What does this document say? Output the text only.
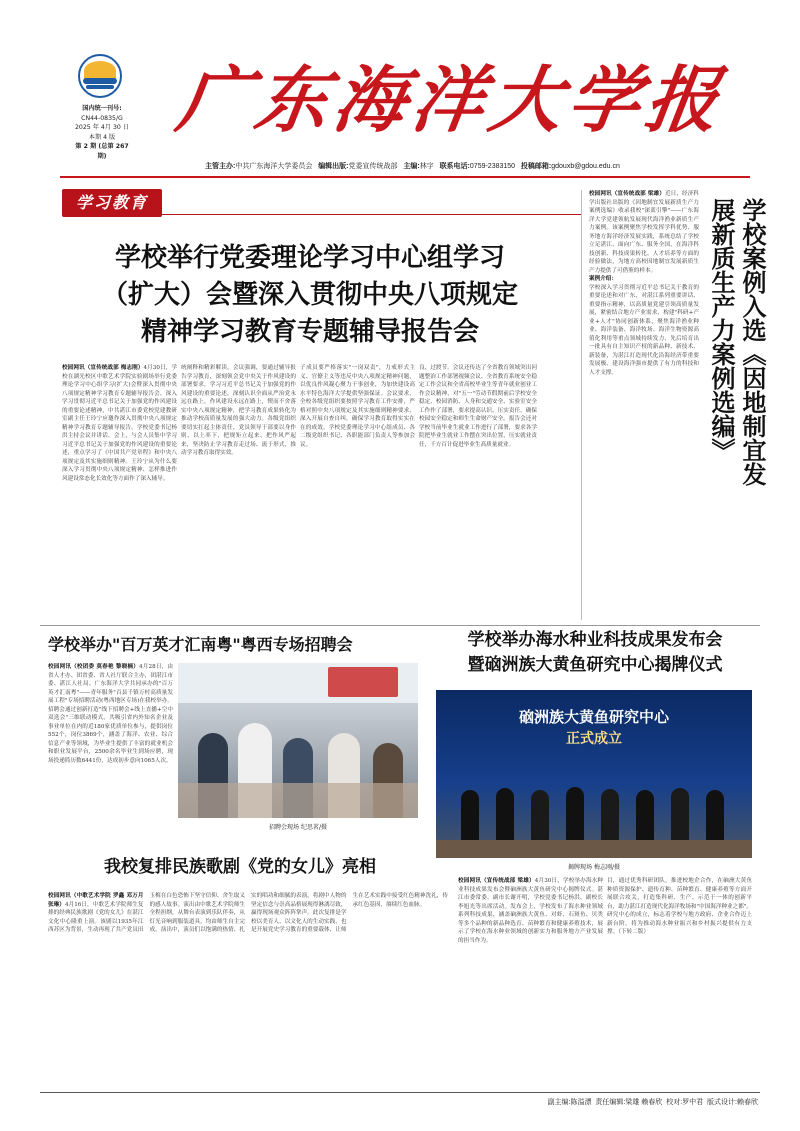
国内统一刊号:
CN44-0835/G
2025 年 4月 30 日
本期 4 版
第 2 期 (总第 267 期)
广东海洋大学报
主管主办:中共广东海洋大学委员会 编辑出版:党委宣传统战部 主编:林宇 联系电话:0759-2383150 投稿邮箱:gdouxb@gdou.edu.cn
学习教育
学校举行党委理论学习中心组学习
（扩大）会暨深入贯彻中央八项规定
精神学习教育专题辅导报告会
校园网讯（宣传统战部 梅志刚）4月30日，学校在湖光校区中歌艺术学院实验剧场举行党委理论学习中心组学习(扩大)会暨深入贯彻中央八项规定精神学习教育专题辅导报告会。深入学习贯彻习近平总书记关于加强党的作风建设的重要论述精神，中共湛江市委党校党建教研室副主任王玲宁应邀作深入贯彻中央八项规定精神学习教育专题辅导报告。学校党委书记杨洪主持会议并讲话。会上，与会人员集中学习习近平总书记关于加强党的作风建设的重要论述，重点学习了《中国共产党章程》和中央八项规定及其实施细则精神。王玲宁从为什么要深入学习贯彻中央八项规定精神、怎样推进作风建设常态化长效化等方面作了深入辅导。
统阐释和精彩解读。会议强调，要通过辅导报告学习教育，深刻领会党中央关于作风建设的部署要求，学习习近平总书记关于加强党的作风建设的重要论述，深刻认识全面从严治党永远在路上，作风建设永远在路上，锲而不舍落实中央八项规定精神，把学习教育成果转化为推动学校高质量发展的强大动力。各级党组织要切实扛起主体责任，党员领导干部要以身作则、以上率下，把规矩立起来、把作风严起来，坚决防止学习教育走过场、流于形式，推动学习教育取得实效。
子成员要严格落实"一岗双责"，力戒形式主义、官僚主义等违反中央八项规定精神问题，以优良作风凝心聚力干事创业，为加快建设高水平特色海洋大学提供坚强保证。会议要求，全校各级党组织要按照学习教育工作安排，严格对照中央八项规定及其实施细则精神要求，深入开展自查自纠，确保学习教育取得实实在在的成效。学校党委理论学习中心组成员、各二级党组织书记、各职能部门负责人等参加会议。
良、过渡节。会议还传达了全省教育领域突出问题整治工作部署视频会议、全省教育系统安全稳定工作会议和全省高校毕业生等青年就业创业工作会议精神，对"五一"劳动节假期前后学校安全稳定、校园消防、人身和交通安全、实验室安全工作作了部署，要求提高认识、压实责任，确保校园安全稳定和师生生命财产安全。报告会还对学校当前毕业生就业工作进行了部署，要求各学院把毕业生就业工作摆在突出位置，压实就业责任，千方百计促进毕业生高质量就业。
校园网讯（宣传统战部 梁雄）近日，经济科学出版社出版的《因地制宜发展新质生产力案例选编》收录我校"深蓝引擎"——广东海洋大学党建领航发展现代海洋渔业新质生产力案例。该案例聚焦学校发挥学科优势、服务地方海洋经济发展实践，系统总结了学校立足湛江、面向广东、服务全国，在海洋科技创新、科技成果转化、人才培养等方面的经验做法，为地方高校因地制宜发展新质生产力提供了可借鉴的样本。
案例介绍：
学校深入学习贯彻习近平总书记关于教育的重要论述和对广东、对湛江系列重要讲话、重要指示精神，以高质量党建引领高质量发展，紧密结合地方产业需求，构建"科研+产业+人才"协同创新体系，聚焦海洋渔业种业、海洋装备、海洋牧场、海洋生物资源高值化利用等重点领域持续发力，先后培育出一批具有自主知识产权的新品种、新技术、新装备，为湛江打造现代化沿海经济带重要发展极、建设海洋强市提供了有力的科技和人才支撑。	学校案例入选《因地制宜发展新质生产力案例选编》
学校举办"百万英才汇南粤"粤西专场招聘会
校园网讯（校团委 莫春艳 黎晓楠）4月28日，由省人才办、团省委、省人社厅联合主办，团湛江市委、湛江人社局、广东海洋大学共同承办的"百万英才汇南粤"——青年服务"百县千镇万村高质量发展工程"专场招聘活动(粤西地区专场)在我校举办。招聘会通过创新打造"线下招聘会+线上直播+空中双选会"三维联动模式，共吸引省内外知名企业及事业单位在内的近180家优质单位参与，提供岗位552个，岗位3869个，涵盖了海洋、农业、综合信息产业等领域，为毕业生提供了丰富的就业机会和职业发展平台，2500余名毕业生到场应聘，现场投递简历数6441份，达成初步意向1065人次。
招聘会现场 纪思茗/摄
学校举办海水种业科技成果发布会
暨硇洲族大黄鱼研究中心揭牌仪式
硇洲族大黄鱼研究中心
正式成立
揭牌现场 梅志刚/摄
校园网讯（宣传统战部 梁雄）4月30日，学校举办海水种业科技成果发布会暨硇洲族大黄鱼研究中心揭牌仪式。湛江市委常委、副市长谢开明，学校党委书记杨洪，副校长李旭光等出席活动。发布会上，学校发布了海水种业领域系列科技成果，涵盖硇洲族大黄鱼、对虾、石斑鱼、贝类等多个品种的新品种选育、苗种繁育和健康养殖技术，展示了学校在海水种业领域的创新实力和服务地方产业发展的担当作为。
目，通过优秀科研团队，推进校地企合作，在硇洲大黄鱼种质资源保护、遗传育种、苗种繁育、健康养殖等方面开展联合攻关，打造集科研、生产、示范于一体的创新平台，助力湛江打造现代化海洋牧场和"中国海洋种业之都"。研究中心的成立，标志着学校与地方政府、企业合作迈上新台阶，将为推动海水种业振兴和乡村振兴提供有力支撑。（下转二版）
我校复排民族歌剧《党的女儿》亮相
校园网讯（中歌艺术学院 罗鑫 邓万月 张琳）4月16日，中歌艺术学院师生复排的经典民族歌剧《党的女儿》在湛江文化中心隆重上演。该剧以1935年江西苏区为背景，生动再现了共产党员田玉梅在白色恐怖下坚守信仰、舍生取义的感人故事。演出由中歌艺术学院师生全程担纲，从舞台表演到乐队伴奏，从灯光音响到服装道具，均由师生自主完成。演出中，演员们以饱满的热情、扎实的唱功和细腻的表演，将剧中人物的坚定信念与崇高品格展现得淋漓尽致，赢得现场观众阵阵掌声。此次复排是学校以美育人、以文化人的生动实践，也是开展党史学习教育的重要载体，让师生在艺术实践中接受红色精神洗礼，传承红色基因，赓续红色血脉。
副主编:陈溢漂 责任编辑:梁雄 赖春欣 校对:罗中君 版式设计:赖春欣
